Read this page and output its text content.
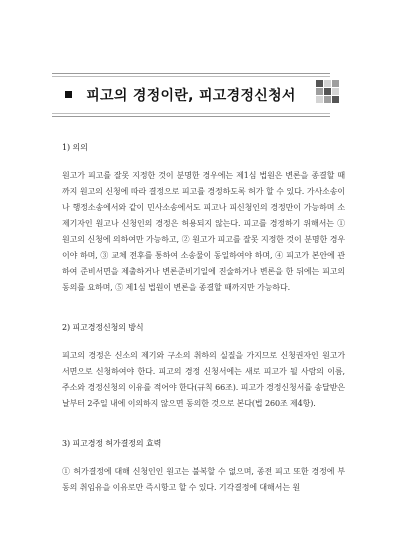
피고의 경정이란, 피고경정신청서
1) 의의
원고가 피고를 잘못 지정한 것이 분명한 경우에는 제1심 법원은 변론을 종결할 때까지 원고의 신청에 따라 결정으로 피고를 경정하도록 허가 할 수 있다. 가사소송이나 행정소송에서와 같이 민사소송에서도 피고나 피신청인의 경정만이 가능하며 소제기자인 원고나 신청인의 경정은 허용되지 않는다. 피고를 경정하기 위해서는 ① 원고의 신청에 의하여만 가능하고, ② 원고가 피고를 잘못 지정한 것이 분명한 경우이야 하며, ③ 교체 전후를 통하여 소송물이 동일하여야 하며, ④ 피고가 본안에 관하여 준비서면을 제출하거나 변론준비기일에 진술하거나 변론을 한 뒤에는 피고의 동의를 요하며, ⑤ 제1심 법원이 변론을 종결할 때까지만 가능하다.
2) 피고경정신청의 방식
피고의 경정은 신소의 제기와 구소의 취하의 실질을 가지므로 신청권자인 원고가 서면으로 신청하여야 한다. 피고의 경정 신청서에는 새로 피고가 될 사람의 이름, 주소와 경정신청의 이유를 적어야 한다(규칙 66조). 피고가 경정신청서를 송달받은 날부터 2주일 내에 이의하지 않으면 동의한 것으로 본다(법 260조 제4항).
3) 피고경정 허가결정의 효력
① 허가결정에 대해 신청인인 원고는 불복할 수 없으며, 종전 피고 또한 경정에 부동의 취임유을 이유로만 즉시항고 할 수 있다. 기각결정에 대해서는 원
